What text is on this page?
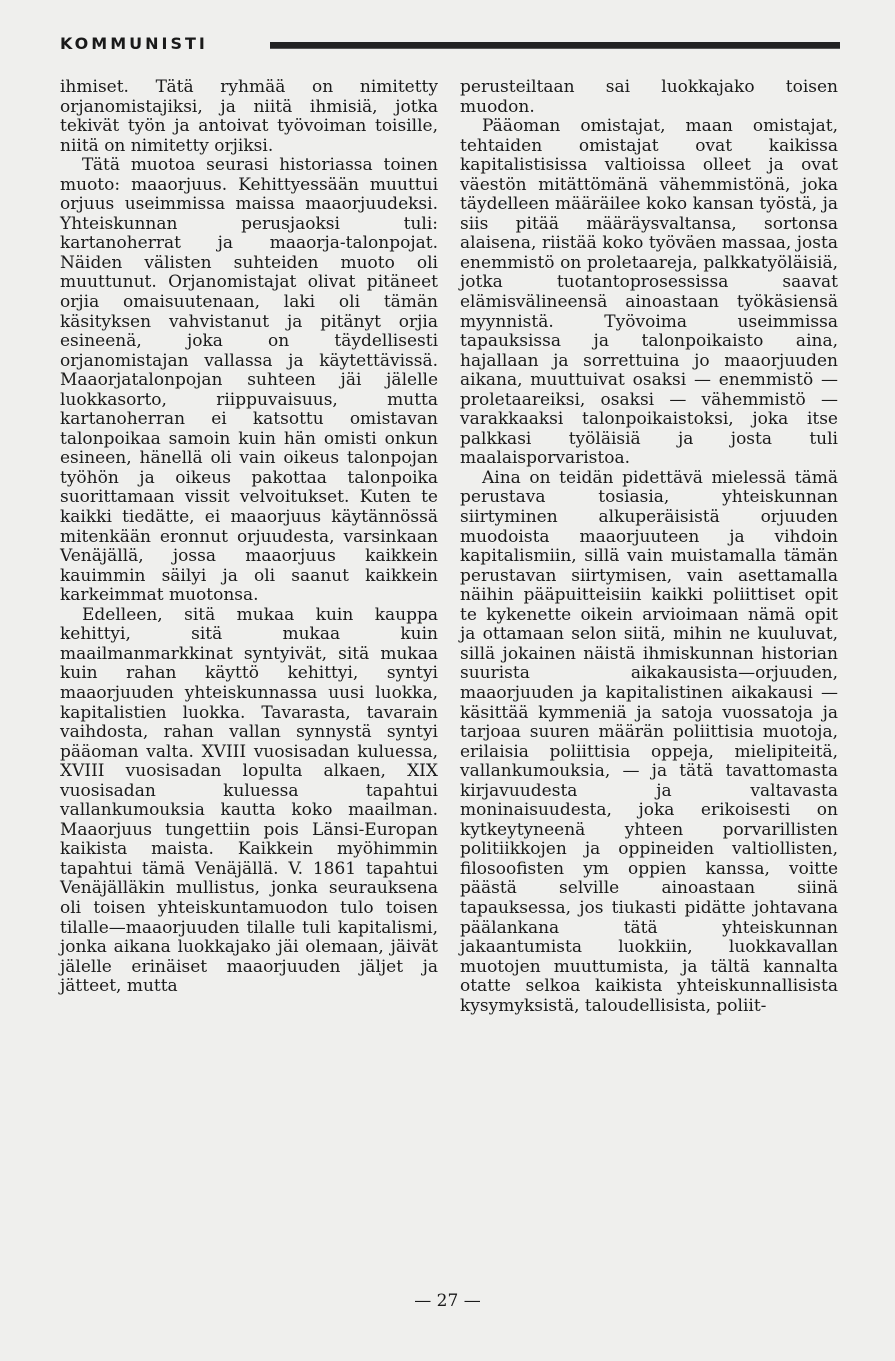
KOMMUNISTI

ihmiset. Tätä ryhmää on nimitetty orjanomistajiksi, ja niitä ihmisiä, jotka tekivät työn ja antoivat työvoiman toisille, niitä on nimitetty orjiksi.

Tätä muotoa seurasi historiassa toinen muoto: maaorjuus. Kehittyessään muuttui orjuus useimmissa maissa maaorjuudeksi. Yhteiskunnan perusjaoksi tuli: kartanoherrat ja maaorja-talonpojat. Näiden välisten suhteiden muoto oli muuttunut. Orjanomistajat olivat pitäneet orjia omaisuutenaan, laki oli tämän käsityksen vahvistanut ja pitänyt orjia esineenä, joka on täydellisesti orjanomistajan vallassa ja käytettävissä. Maaorjatalonpojan suhteen jäi jälelle luokkasorto, riippuvaisuus, mutta kartanoherran ei katsottu omistavan talonpoikaa samoin kuin hän omisti onkun esineen, hänellä oli vain oikeus talonpojan työhön ja oikeus pakottaa talonpoika suorittamaan vissit velvoitukset. Kuten te kaikki tiedätte, ei maaorjuus käytännössä mitenkään eronnut orjuudesta, varsinkaan Venäjällä, jossa maaorjuus kaikkein kauimmin säilyi ja oli saanut kaikkein karkeimmat muotonsa.

Edelleen, sitä mukaa kuin kauppa kehittyi, sitä mukaa kuin maailmanmarkkinat syntyivät, sitä mukaa kuin rahan käyttö kehittyi, syntyi maaorjuuden yhteiskunnassa uusi luokka, kapitalistien luokka. Tavarasta, tavarain vaihdosta, rahan vallan synnystä syntyi pääoman valta. XVIII vuosisadan kuluessa, XVIII vuosisadan lopulta alkaen, XIX vuosisadan kuluessa tapahtui vallankumouksia kautta koko maailman. Maaorjuus tungettiin pois Länsi-Europan kaikista maista. Kaikkein myöhimmin tapahtui tämä Venäjällä. V. 1861 tapahtui Venäjälläkin mullistus, jonka seurauksena oli toisen yhteiskuntamuodon tulo toisen tilalle—maaorjuuden tilalle tuli kapitalismi, jonka aikana luokkajako jäi olemaan, jäivät jälelle erinäiset maaorjuuden jäljet ja jätteet, mutta

perusteiltaan sai luokkajako toisen muodon.

Pääoman omistajat, maan omistajat, tehtaiden omistajat ovat kaikissa kapitalistisissa valtioissa olleet ja ovat väestön mitättömänä vähemmistönä, joka täydelleen määräilee koko kansan työstä, ja siis pitää määräysvaltansa, sortonsa alaisena, riistää koko työväen massaa, josta enemmistö on proletaareja, palkkatyöläisiä, jotka tuotantoprosessissa saavat elämisvälineensä ainoastaan työkäsiensä myynnistä. Työvoima useimmissa tapauksissa ja talonpoikaisto aina, hajallaan ja sorrettuina jo maaorjuuden aikana, muuttuivat osaksi — enemmistö — proletaareiksi, osaksi — vähemmistö — varakkaaksi talonpoikaistoksi, joka itse palkkasi työläisiä ja josta tuli maalaisporvaristoa.

Aina on teidän pidettävä mielessä tämä perustava tosiasia, yhteiskunnan siirtyminen alkuperäisistä orjuuden muodoista maaorjuuteen ja vihdoin kapitalismiin, sillä vain muistamalla tämän perustavan siirtymisen, vain asettamalla näihin pääpuitteisiin kaikki poliittiset opit te kykenette oikein arvioimaan nämä opit ja ottamaan selon siitä, mihin ne kuuluvat, sillä jokainen näistä ihmiskunnan historian suurista aikakausista—orjuuden, maaorjuuden ja kapitalistinen aikakausi — käsittää kymmeniä ja satoja vuossatoja ja tarjoaa suuren määrän poliittisia muotoja, erilaisia poliittisia oppeja, mielipiteitä, vallankumouksia, — ja tätä tavattomasta kirjavuudesta ja valtavasta moninaisuudesta, joka erikoisesti on kytkeytyneenä yhteen porvarillisten politiikkojen ja oppineiden valtiollisten, filosoofisten ym oppien kanssa, voitte päästä selville ainoastaan siinä tapauksessa, jos tiukasti pidätte johtavana päälankana tätä yhteiskunnan jakaantumista luokkiin, luokkavallan muotojen muuttumista, ja tältä kannalta otatte selkoa kaikista yhteiskunnallisista kysymyksistä, taloudellisista, poliit-

— 27 —
